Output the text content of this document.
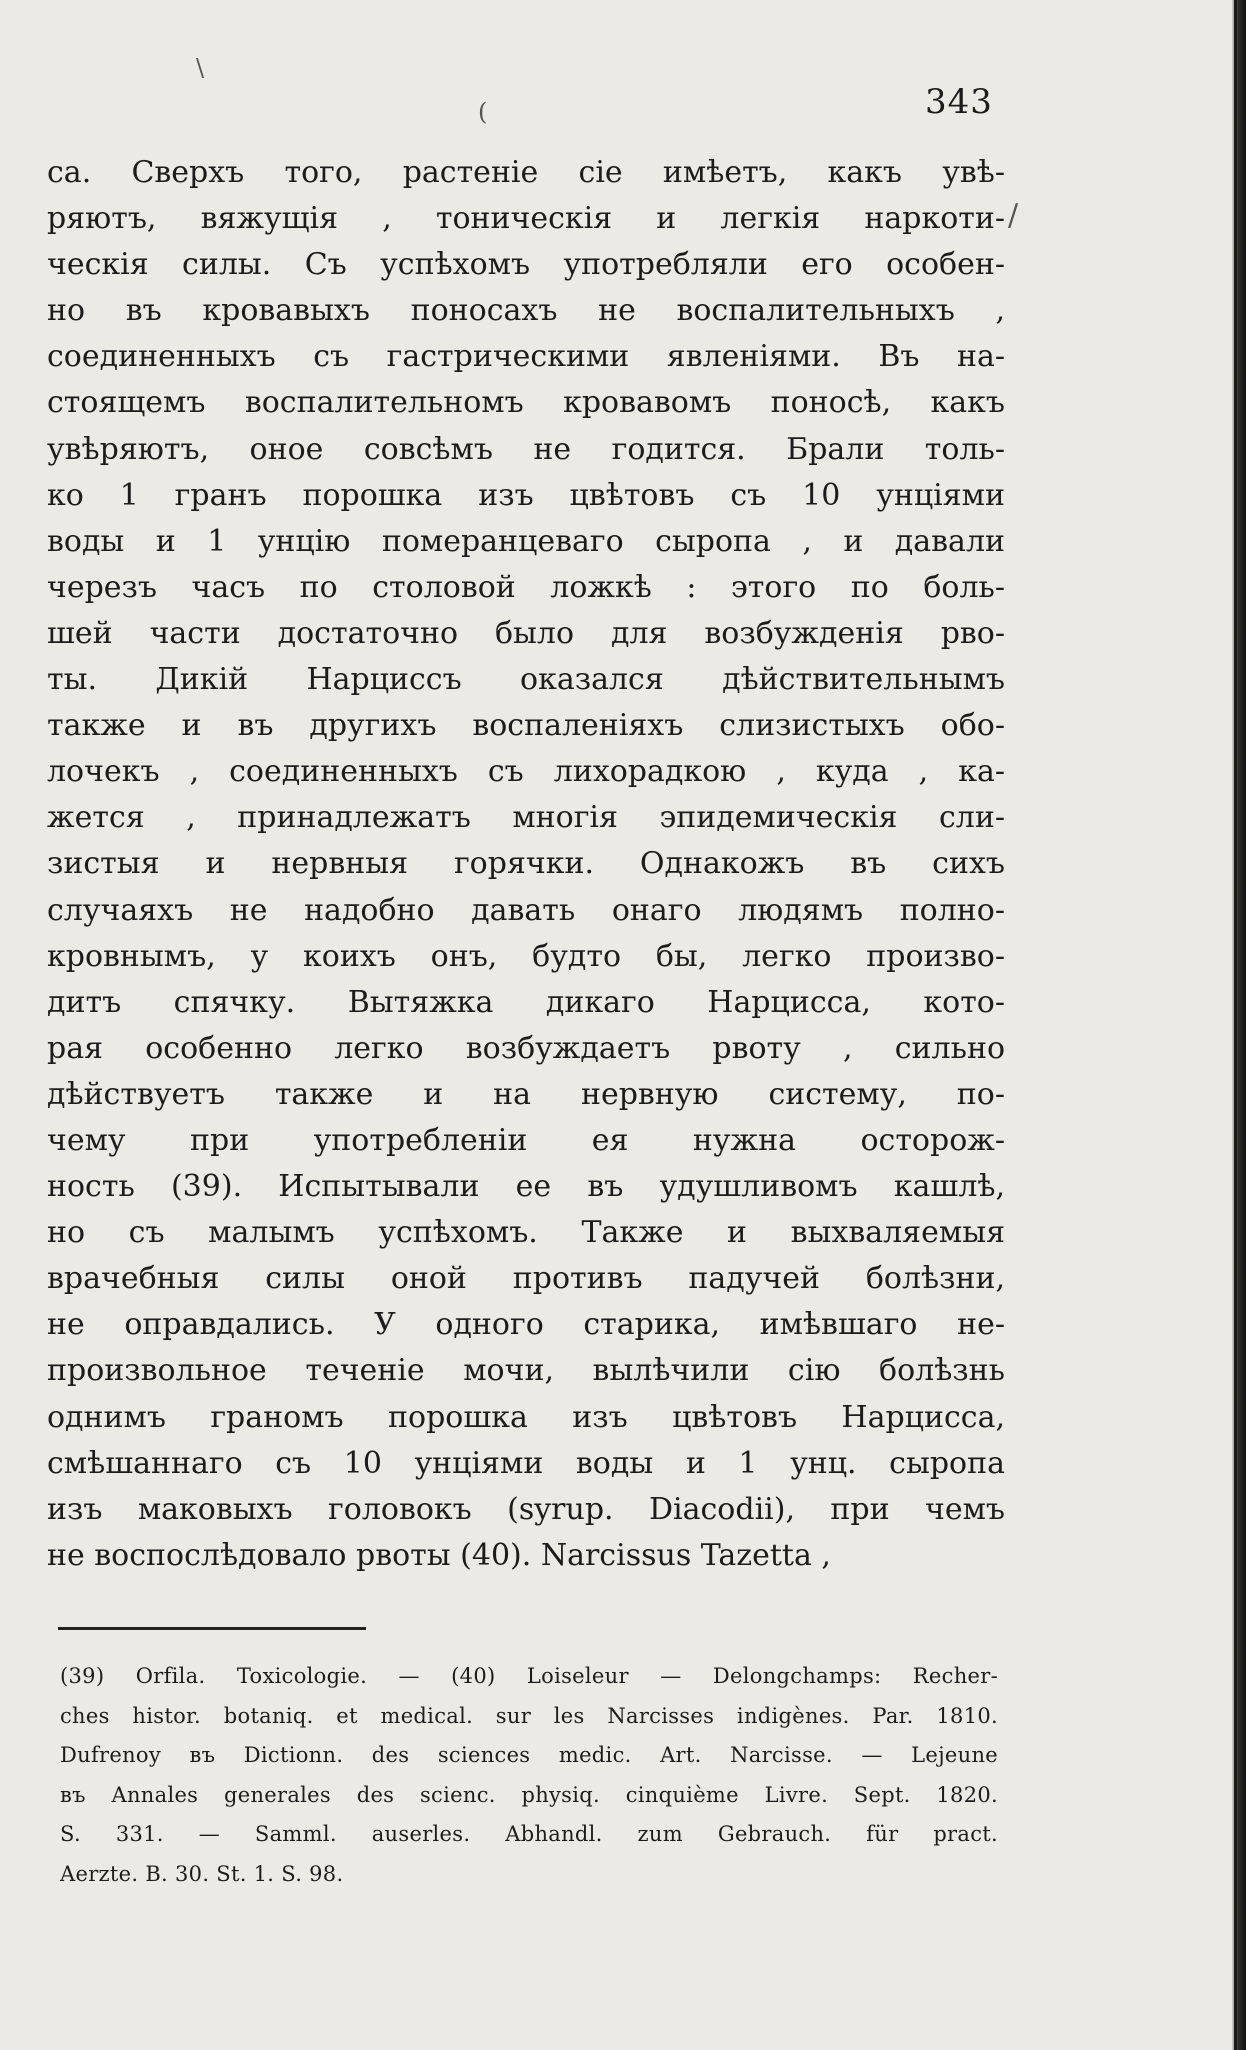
343
са. Сверхъ того, растеніе сіе имѣетъ, какъ увѣ-
ряютъ, вяжущія , тоническія и легкія наркоти-
ческія силы. Съ успѣхомъ употребляли его особен-
но въ кровавыхъ поносахъ не воспалительныхъ ,
соединенныхъ съ гастрическими явленіями. Въ на-
стоящемъ воспалительномъ кровавомъ поносѣ, какъ
увѣряютъ, оное совсѣмъ не годится. Брали толь-
ко 1 гранъ порошка изъ цвѣтовъ съ 10 унціями
воды и 1 унцію померанцеваго сыропа , и давали
черезъ часъ по столовой ложкѣ : этого по боль-
шей части достаточно было для возбужденія рво-
ты. Дикій Нарциссъ оказался дѣйствительнымъ
также и въ другихъ воспаленіяхъ слизистыхъ обо-
лочекъ , соединенныхъ съ лихорадкою , куда , ка-
жется , принадлежатъ многія эпидемическія сли-
зистыя и нервныя горячки. Однакожъ въ сихъ
случаяхъ не надобно давать онаго людямъ полно-
кровнымъ, у коихъ онъ, будто бы, легко произво-
дитъ спячку. Вытяжка дикаго Нарцисса, кото-
рая особенно легко возбуждаетъ рвоту , сильно
дѣйствуетъ также и на нервную систему, по-
чему при употребленіи ея нужна осторож-
ность (39). Испытывали ее въ удушливомъ кашлѣ,
но съ малымъ успѣхомъ. Также и выхваляемыя
врачебныя силы оной противъ падучей болѣзни,
не оправдались. У одного старика, имѣвшаго не-
произвольное теченіе мочи, вылѣчили сію болѣзнь
однимъ граномъ порошка изъ цвѣтовъ Нарцисса,
смѣшаннаго съ 10 унціями воды и 1 унц. сыропа
изъ маковыхъ головокъ (syrup. Diacodii), при чемъ
не воспослѣдовало рвоты (40). Narcissus Tazetta ,
(39) Orfila. Toxicologie. — (40) Loiseleur — Delongchamps: Recher-
ches histor. botaniq. et medical. sur les Narcisses indigènes. Par. 1810.
Dufrenoy въ Dictionn. des sciences medic. Art. Narcisse. — Lejeune
въ Annales generales des scienc. physiq. cinquième Livre. Sept. 1820.
S. 331. — Samml. auserles. Abhandl. zum Gebrauch. für pract.
Aerzte. B. 30. St. 1. S. 98.
\
(
/
